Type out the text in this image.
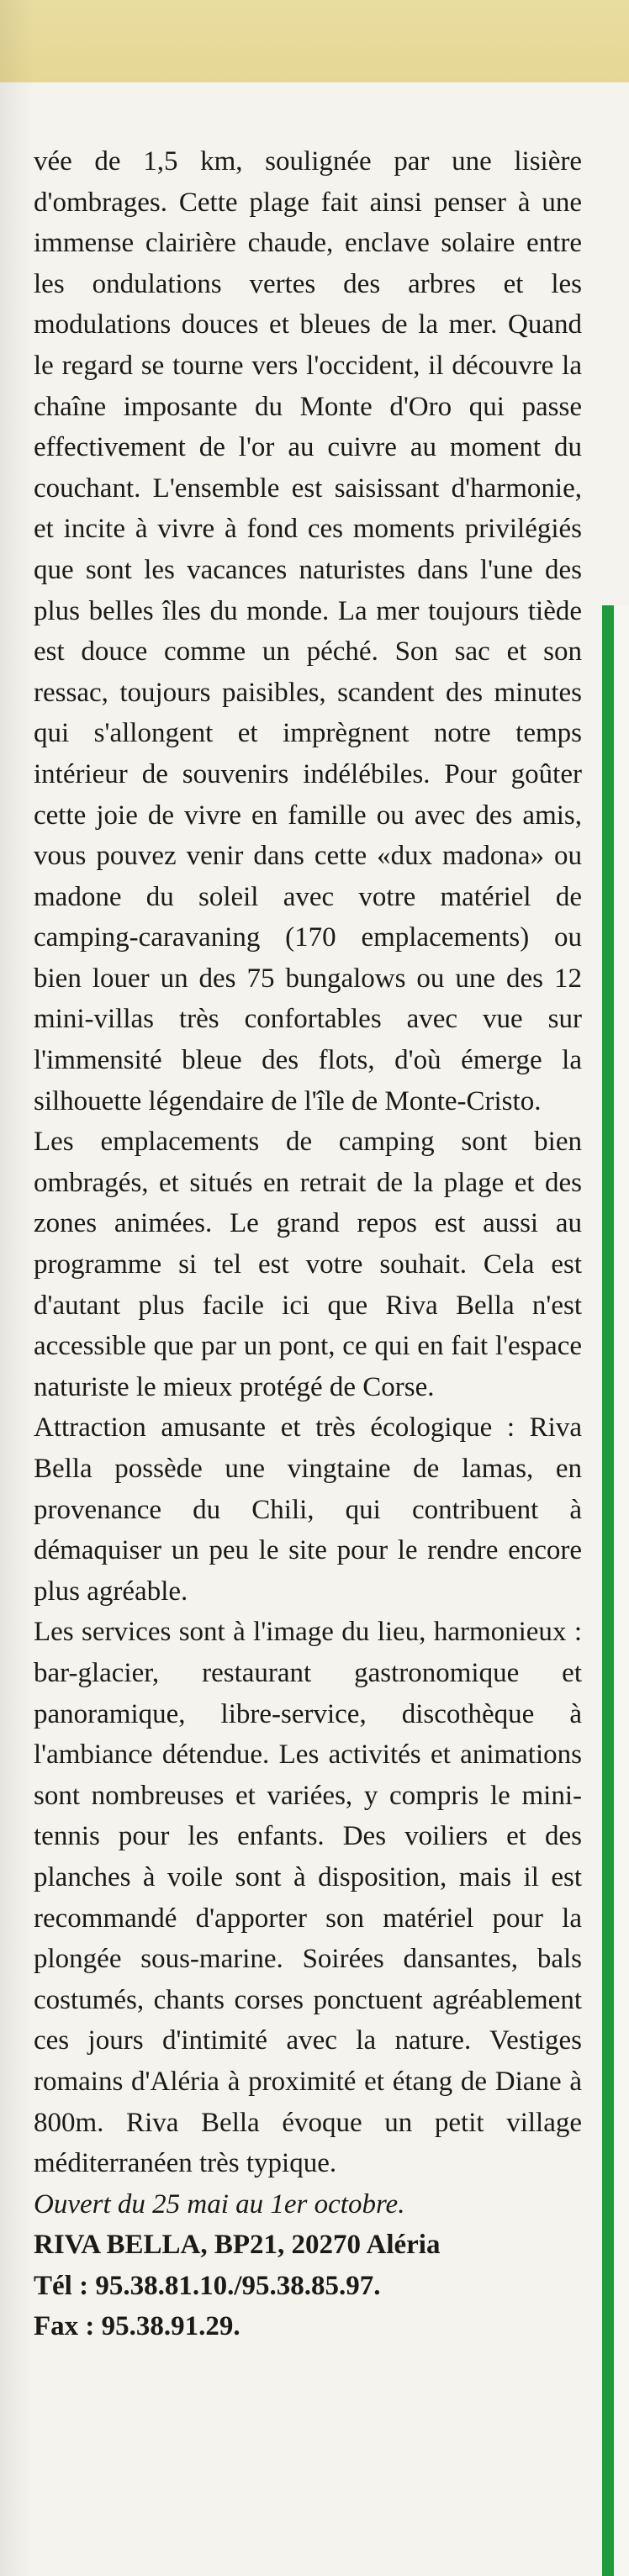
vée de 1,5 km, soulignée par une lisière d'ombrages. Cette plage fait ainsi penser à une immense clairière chaude, enclave solaire entre les ondulations vertes des arbres et les modulations douces et bleues de la mer. Quand le regard se tourne vers l'occident, il découvre la chaîne imposante du Monte d'Oro qui passe effectivement de l'or au cuivre au moment du couchant. L'ensemble est saisissant d'harmonie, et incite à vivre à fond ces moments privilégiés que sont les vacances naturistes dans l'une des plus belles îles du monde. La mer toujours tiède est douce comme un péché. Son sac et son ressac, toujours paisibles, scandent des minutes qui s'allongent et imprègnent notre temps intérieur de souvenirs indélébiles. Pour goûter cette joie de vivre en famille ou avec des amis, vous pouvez venir dans cette «dux madona» ou madone du soleil avec votre matériel de camping-caravaning (170 emplacements) ou bien louer un des 75 bungalows ou une des 12 mini-villas très confortables avec vue sur l'immensité bleue des flots, d'où émerge la silhouette légendaire de l'île de Monte-Cristo.

Les emplacements de camping sont bien ombragés, et situés en retrait de la plage et des zones animées. Le grand repos est aussi au programme si tel est votre souhait. Cela est d'autant plus facile ici que Riva Bella n'est accessible que par un pont, ce qui en fait l'espace naturiste le mieux protégé de Corse.

Attraction amusante et très écologique : Riva Bella possède une vingtaine de lamas, en provenance du Chili, qui contribuent à démaquiser un peu le site pour le rendre encore plus agréable.

Les services sont à l'image du lieu, harmonieux : bar-glacier, restaurant gastronomique et panoramique, libre-service, discothèque à l'ambiance détendue. Les activités et animations sont nombreuses et variées, y compris le mini-tennis pour les enfants. Des voiliers et des planches à voile sont à disposition, mais il est recommandé d'apporter son matériel pour la plongée sous-marine. Soirées dansantes, bals costumés, chants corses ponctuent agréablement ces jours d'intimité avec la nature. Vestiges romains d'Aléria à proximité et étang de Diane à 800m. Riva Bella évoque un petit village méditerranéen très typique.

Ouvert du 25 mai au 1er octobre.

RIVA BELLA, BP21, 20270 Aléria

Tél : 95.38.81.10./95.38.85.97.

Fax : 95.38.91.29.
